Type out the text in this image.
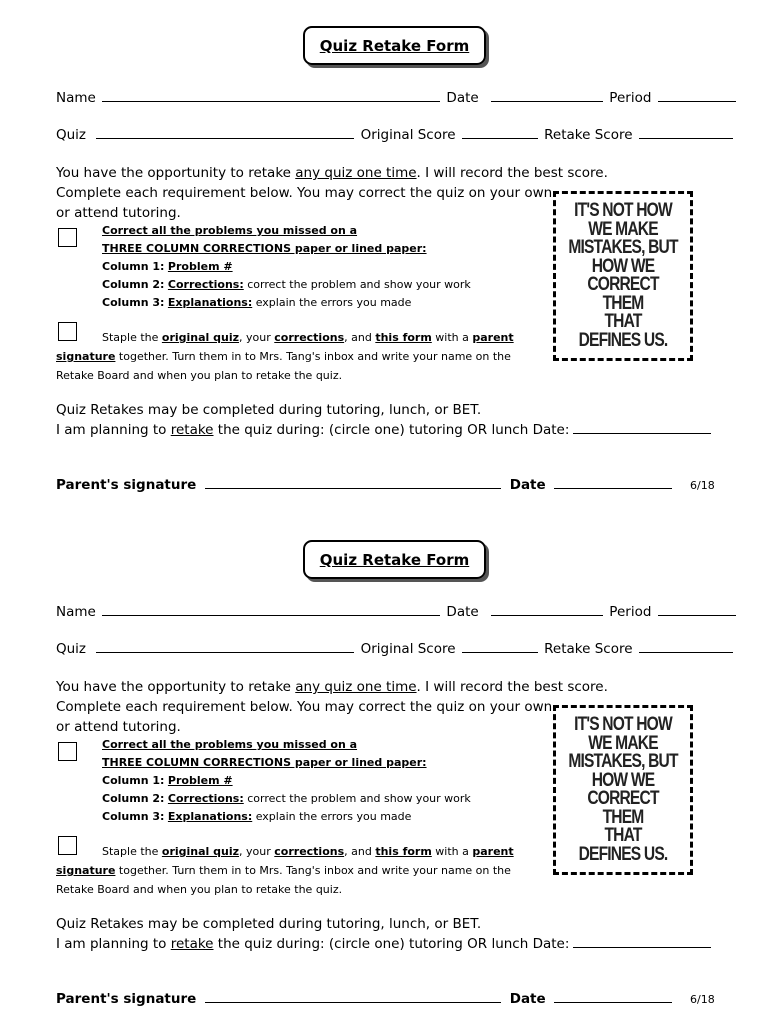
Quiz Retake Form
Name	Date	Period
Quiz	Original Score	Retake Score
You have the opportunity to retake any quiz one time. I will record the best score.
Complete each requirement below. You may correct the quiz on your own
or attend tutoring.
Correct all the problems you missed on a
THREE COLUMN CORRECTIONS paper or lined paper:
Column 1: Problem #
Column 2: Corrections: correct the problem and show your work
Column 3: Explanations: explain the errors you made
Staple the original quiz, your corrections, and this form with a parent
signature together. Turn them in to Mrs. Tang's inbox and write your name on the
Retake Board and when you plan to retake the quiz.
IT'S NOT HOW
WE MAKE
MISTAKES, BUT
HOW WE
CORRECT THEM
THAT
DEFINES US.
Quiz Retakes may be completed during tutoring, lunch, or BET.
I am planning to retake the quiz during: (circle one) tutoring OR lunch Date:
Parent's signature	Date	6/18
Quiz Retake Form
Name	Date	Period
Quiz	Original Score	Retake Score
You have the opportunity to retake any quiz one time. I will record the best score.
Complete each requirement below. You may correct the quiz on your own
or attend tutoring.
Correct all the problems you missed on a
THREE COLUMN CORRECTIONS paper or lined paper:
Column 1: Problem #
Column 2: Corrections: correct the problem and show your work
Column 3: Explanations: explain the errors you made
Staple the original quiz, your corrections, and this form with a parent
signature together. Turn them in to Mrs. Tang's inbox and write your name on the
Retake Board and when you plan to retake the quiz.
IT'S NOT HOW
WE MAKE
MISTAKES, BUT
HOW WE
CORRECT THEM
THAT
DEFINES US.
Quiz Retakes may be completed during tutoring, lunch, or BET.
I am planning to retake the quiz during: (circle one) tutoring OR lunch Date:
Parent's signature	Date	6/18
